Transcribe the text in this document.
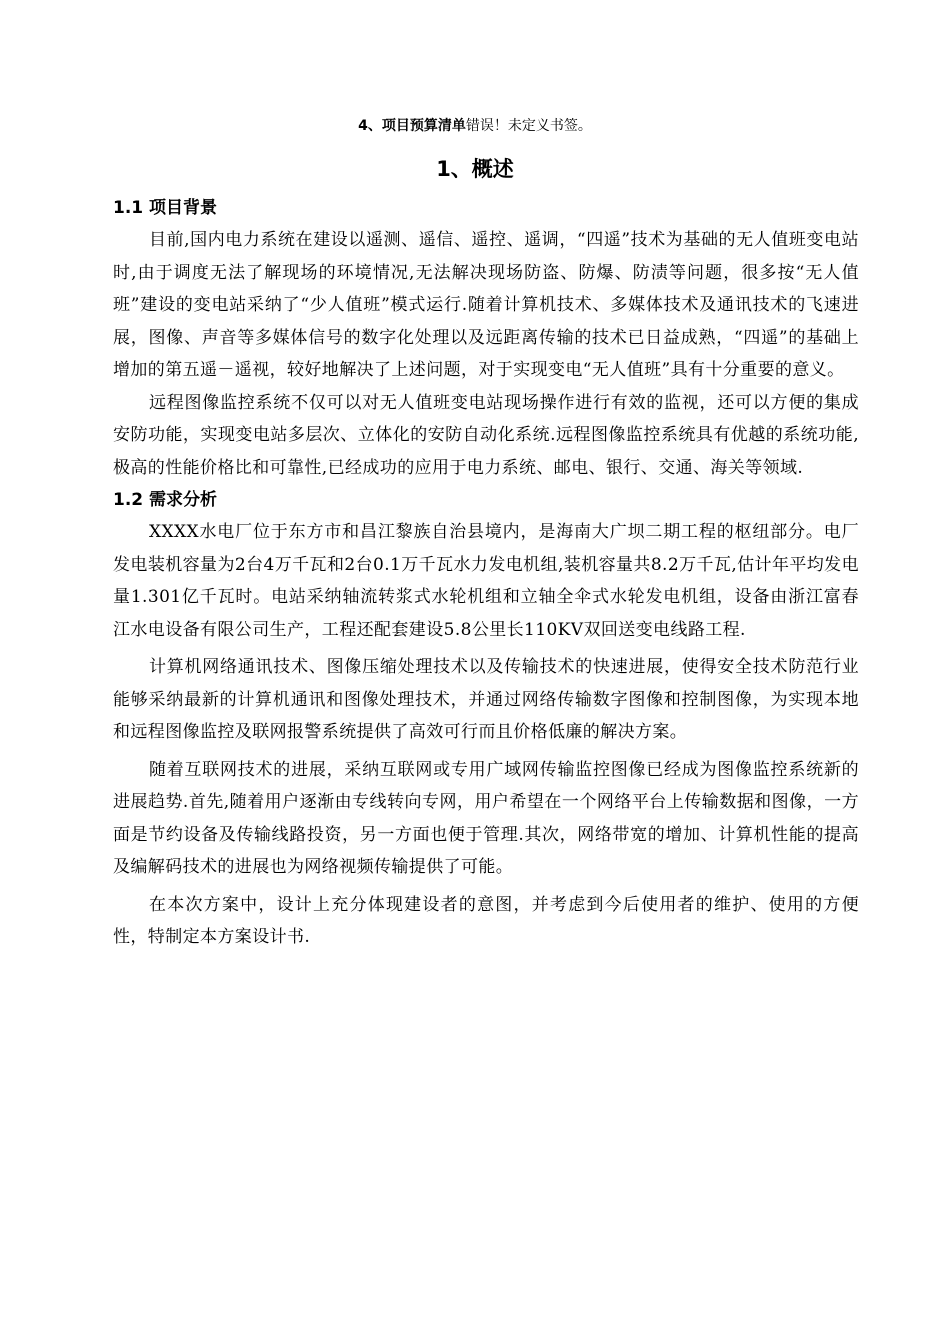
4、项目预算清单错误！未定义书签。
1、概述
1.1 项目背景

目前,国内电力系统在建设以遥测、遥信、遥控、遥调，“四遥”技术为基础的无人值班变电站时,由于调度无法了解现场的环境情况,无法解决现场防盗、防爆、防渍等问题，很多按“无人值班”建设的变电站采纳了“少人值班”模式运行.随着计算机技术、多媒体技术及通讯技术的飞速进展，图像、声音等多媒体信号的数字化处理以及远距离传输的技术已日益成熟，“四遥”的基础上增加的第五遥－遥视，较好地解决了上述问题，对于实现变电“无人值班”具有十分重要的意义。

远程图像监控系统不仅可以对无人值班变电站现场操作进行有效的监视，还可以方便的集成安防功能，实现变电站多层次、立体化的安防自动化系统.远程图像监控系统具有优越的系统功能,极高的性能价格比和可靠性,已经成功的应用于电力系统、邮电、银行、交通、海关等领域.

1.2 需求分析

XXXX水电厂位于东方市和昌江黎族自治县境内，是海南大广坝二期工程的枢纽部分。电厂发电装机容量为2台4万千瓦和2台0.1万千瓦水力发电机组,装机容量共8.2万千瓦,估计年平均发电量1.301亿千瓦时。电站采纳轴流转浆式水轮机组和立轴全伞式水轮发电机组，设备由浙江富春江水电设备有限公司生产，工程还配套建设5.8公里长110KV双回送变电线路工程.

计算机网络通讯技术、图像压缩处理技术以及传输技术的快速进展，使得安全技术防范行业能够采纳最新的计算机通讯和图像处理技术，并通过网络传输数字图像和控制图像，为实现本地和远程图像监控及联网报警系统提供了高效可行而且价格低廉的解决方案。

随着互联网技术的进展，采纳互联网或专用广域网传输监控图像已经成为图像监控系统新的进展趋势.首先,随着用户逐渐由专线转向专网，用户希望在一个网络平台上传输数据和图像，一方面是节约设备及传输线路投资，另一方面也便于管理.其次，网络带宽的增加、计算机性能的提高及编解码技术的进展也为网络视频传输提供了可能。

在本次方案中，设计上充分体现建设者的意图，并考虑到今后使用者的维护、使用的方便性，特制定本方案设计书.
